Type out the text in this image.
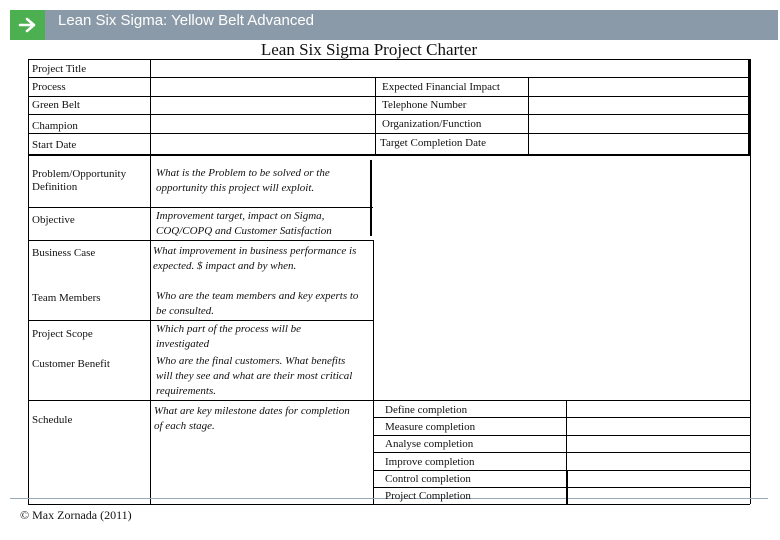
Lean Six Sigma: Yellow Belt Advanced
Lean Six Sigma Project Charter
Project Title
Process
Green Belt
Champion
Start Date
Expected Financial Impact
Telephone Number
Organization/Function
Target Completion Date
Problem/Opportunity Definition
Objective
Business Case
Team Members
Project Scope
Customer Benefit
Schedule
What is the Problem to be solved or the opportunity this project will exploit.
Improvement target, impact on Sigma, COQ/COPQ and Customer Satisfaction
What improvement in business performance is expected. $ impact and by when.
Who are the team members and key experts to be consulted.
Which part of the process will be investigated
Who are the final customers. What benefits will they see and what are their most critical requirements.
What are key milestone dates for completion of each stage.
Define completion
Measure completion
Analyse completion
Improve completion
Control completion
Project Completion
© Max Zornada (2011)
